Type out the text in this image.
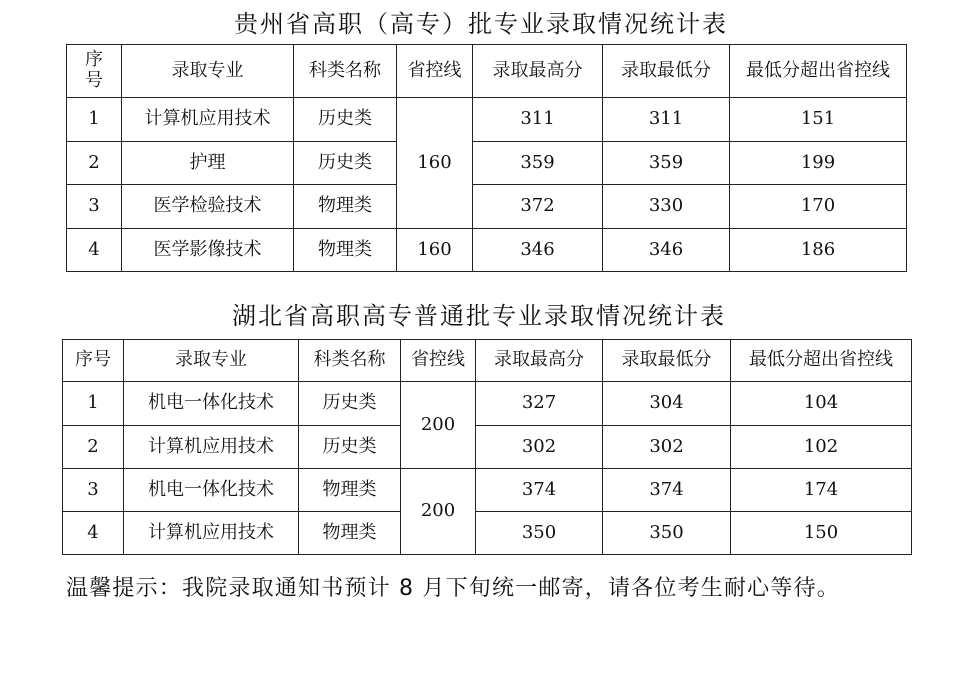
贵州省高职（高专）批专业录取情况统计表
序号	录取专业	科类名称	省控线	录取最高分	录取最低分	最低分超出省控线
1	计算机应用技术	历史类	160	311	311	151
2	护理	历史类		359	359	199
3	医学检验技术	物理类		372	330	170
4	医学影像技术	物理类	160	346	346	186
湖北省高职高专普通批专业录取情况统计表
序号	录取专业	科类名称	省控线	录取最高分	录取最低分	最低分超出省控线
1	机电一体化技术	历史类	200	327	304	104
2	计算机应用技术	历史类		302	302	102
3	机电一体化技术	物理类	200	374	374	174
4	计算机应用技术	物理类		350	350	150
温馨提示：我院录取通知书预计 8 月下旬统一邮寄，请各位考生耐心等待。
